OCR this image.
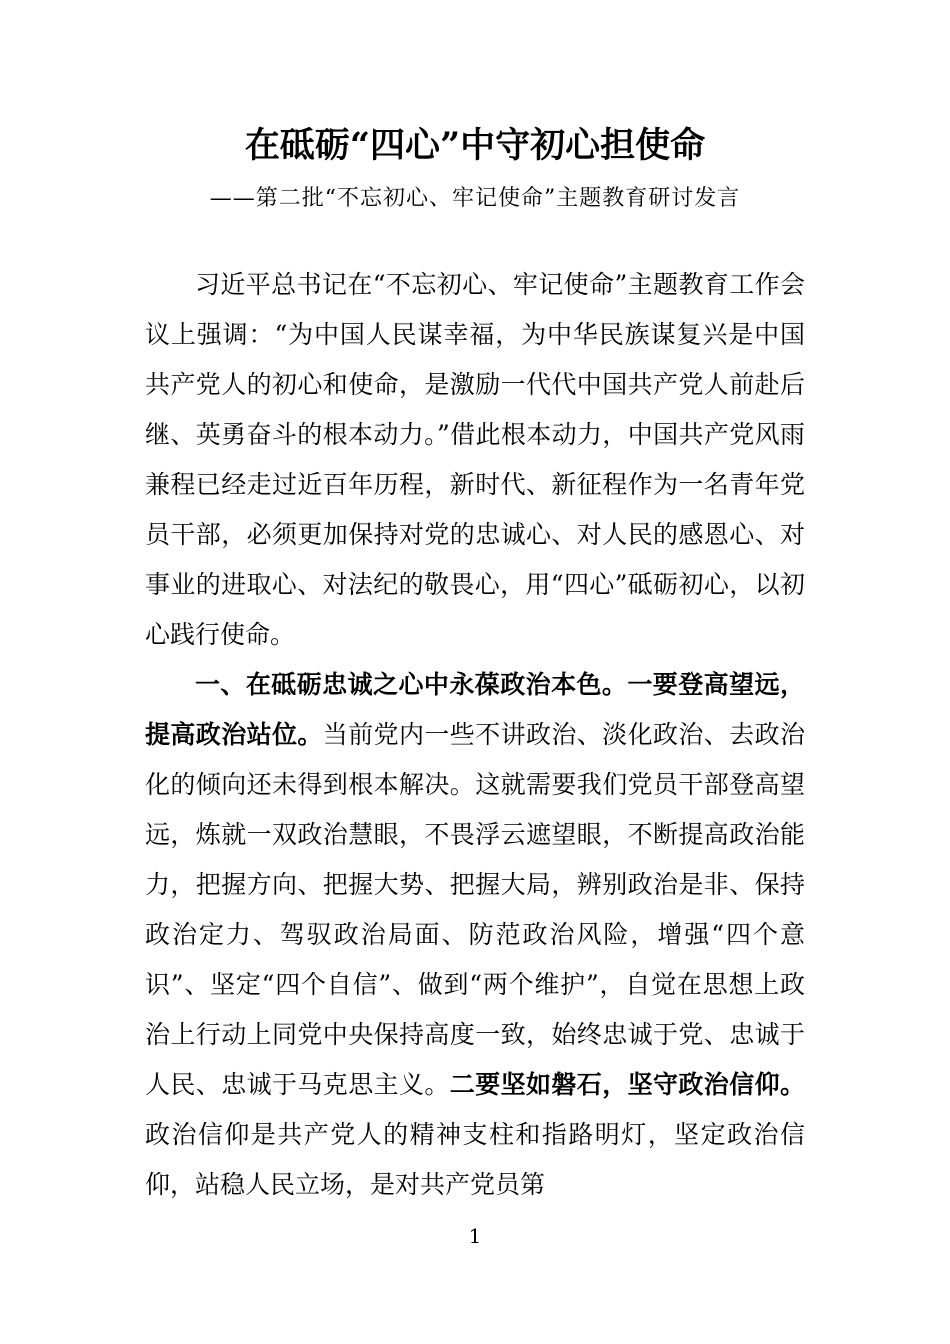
在砥砺“四心”中守初心担使命
——第二批“不忘初心、牢记使命”主题教育研讨发言

习近平总书记在“不忘初心、牢记使命”主题教育工作会议上强调：“为中国人民谋幸福，为中华民族谋复兴是中国共产党人的初心和使命，是激励一代代中国共产党人前赴后继、英勇奋斗的根本动力。”借此根本动力，中国共产党风雨兼程已经走过近百年历程，新时代、新征程作为一名青年党员干部，必须更加保持对党的忠诚心、对人民的感恩心、对事业的进取心、对法纪的敬畏心，用“四心”砥砺初心，以初心践行使命。

一、在砥砺忠诚之心中永葆政治本色。一要登高望远，提高政治站位。当前党内一些不讲政治、淡化政治、去政治化的倾向还未得到根本解决。这就需要我们党员干部登高望远，炼就一双政治慧眼，不畏浮云遮望眼，不断提高政治能力，把握方向、把握大势、把握大局，辨别政治是非、保持政治定力、驾驭政治局面、防范政治风险，增强“四个意识”、坚定“四个自信”、做到“两个维护”，自觉在思想上政治上行动上同党中央保持高度一致，始终忠诚于党、忠诚于人民、忠诚于马克思主义。二要坚如磐石，坚守政治信仰。政治信仰是共产党人的精神支柱和指路明灯，坚定政治信仰，站稳人民立场，是对共产党员第

1
